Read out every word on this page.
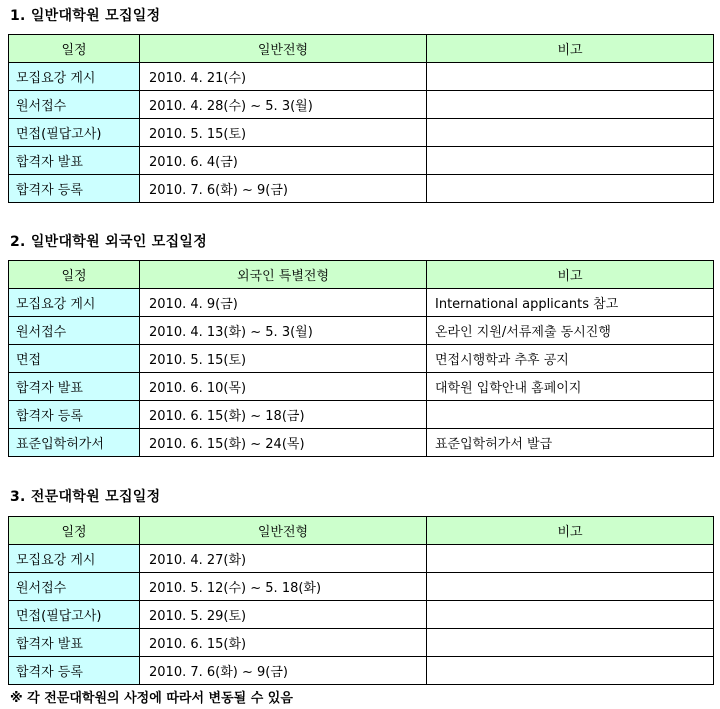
1. 일반대학원 모집일정
일정	일반전형	비고
모집요강 게시	2010. 4. 21(수)	
원서접수	2010. 4. 28(수) ~ 5. 3(월)	
면접(필답고사)	2010. 5. 15(토)	
합격자 발표	2010. 6. 4(금)	
합격자 등록	2010. 7. 6(화) ~ 9(금)	
2. 일반대학원 외국인 모집일정
일정	외국인 특별전형	비고
모집요강 게시	2010. 4. 9(금)	International applicants 참고
원서접수	2010. 4. 13(화) ~ 5. 3(월)	온라인 지원/서류제출 동시진행
면접	2010. 5. 15(토)	면접시행학과 추후 공지
합격자 발표	2010. 6. 10(목)	대학원 입학안내 홈페이지
합격자 등록	2010. 6. 15(화) ~ 18(금)	
표준입학허가서	2010. 6. 15(화) ~ 24(목)	표준입학허가서 발급
3. 전문대학원 모집일정
일정	일반전형	비고
모집요강 게시	2010. 4. 27(화)	
원서접수	2010. 5. 12(수) ~ 5. 18(화)	
면접(필답고사)	2010. 5. 29(토)	
합격자 발표	2010. 6. 15(화)	
합격자 등록	2010. 7. 6(화) ~ 9(금)	
※ 각 전문대학원의 사정에 따라서 변동될 수 있음
